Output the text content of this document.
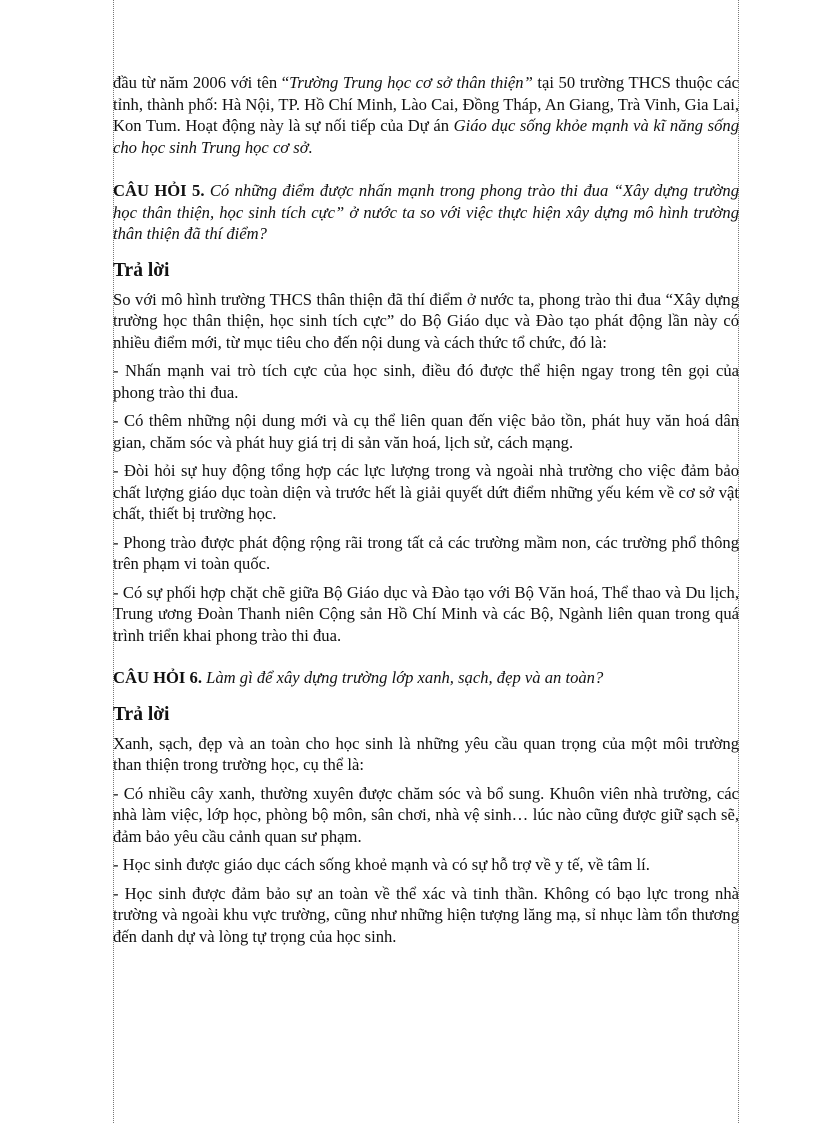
đầu từ năm 2006 với tên “Trường Trung học cơ sở thân thiện” tại 50 trường THCS thuộc các tỉnh, thành phố: Hà Nội, TP. Hồ Chí Minh, Lào Cai, Đồng Tháp, An Giang, Trà Vinh, Gia Lai, Kon Tum. Hoạt động này là sự nối tiếp của Dự án Giáo dục sống khỏe mạnh và kĩ năng sống cho học sinh Trung học cơ sở.

CÂU HỎI 5. Có những điểm được nhấn mạnh trong phong trào thi đua “Xây dựng trường học thân thiện, học sinh tích cực” ở nước ta so với việc thực hiện xây dựng mô hình trường thân thiện đã thí điểm?

Trả lời

So với mô hình trường THCS thân thiện đã thí điểm ở nước ta, phong trào thi đua “Xây dựng trường học thân thiện, học sinh tích cực” do Bộ Giáo dục và Đào tạo phát động lần này có nhiều điểm mới, từ mục tiêu cho đến nội dung và cách thức tổ chức, đó là:

- Nhấn mạnh vai trò tích cực của học sinh, điều đó được thể hiện ngay trong tên gọi của phong trào thi đua.

- Có thêm những nội dung mới và cụ thể liên quan đến việc bảo tồn, phát huy văn hoá dân gian, chăm sóc và phát huy giá trị di sản văn hoá, lịch sử, cách mạng.

- Đòi hỏi sự huy động tổng hợp các lực lượng trong và ngoài nhà trường cho việc đảm bảo chất lượng giáo dục toàn diện và trước hết là giải quyết dứt điểm những yếu kém về cơ sở vật chất, thiết bị trường học.

- Phong trào được phát động rộng rãi trong tất cả các trường mầm non, các trường phổ thông trên phạm vi toàn quốc.

- Có sự phối hợp chặt chẽ giữa Bộ Giáo dục và Đào tạo với Bộ Văn hoá, Thể thao và Du lịch, Trung ương Đoàn Thanh niên Cộng sản Hồ Chí Minh và các Bộ, Ngành liên quan trong quá trình triển khai phong trào thi đua.

CÂU HỎI 6. Làm gì để xây dựng trường lớp xanh, sạch, đẹp và an toàn?

Trả lời

Xanh, sạch, đẹp và an toàn cho học sinh là những yêu cầu quan trọng của một môi trường than thiện trong trường học, cụ thể là:

- Có nhiều cây xanh, thường xuyên được chăm sóc và bổ sung. Khuôn viên nhà trường, các nhà làm việc, lớp học, phòng bộ môn, sân chơi, nhà vệ sinh… lúc nào cũng được giữ sạch sẽ, đảm bảo yêu cầu cảnh quan sư phạm.

- Học sinh được giáo dục cách sống khoẻ mạnh và có sự hỗ trợ về y tế, về tâm lí.

- Học sinh được đảm bảo sự an toàn về thể xác và tinh thần. Không có bạo lực trong nhà trường và ngoài khu vực trường, cũng như những hiện tượng lăng mạ, sỉ nhục làm tổn thương đến danh dự và lòng tự trọng của học sinh.
